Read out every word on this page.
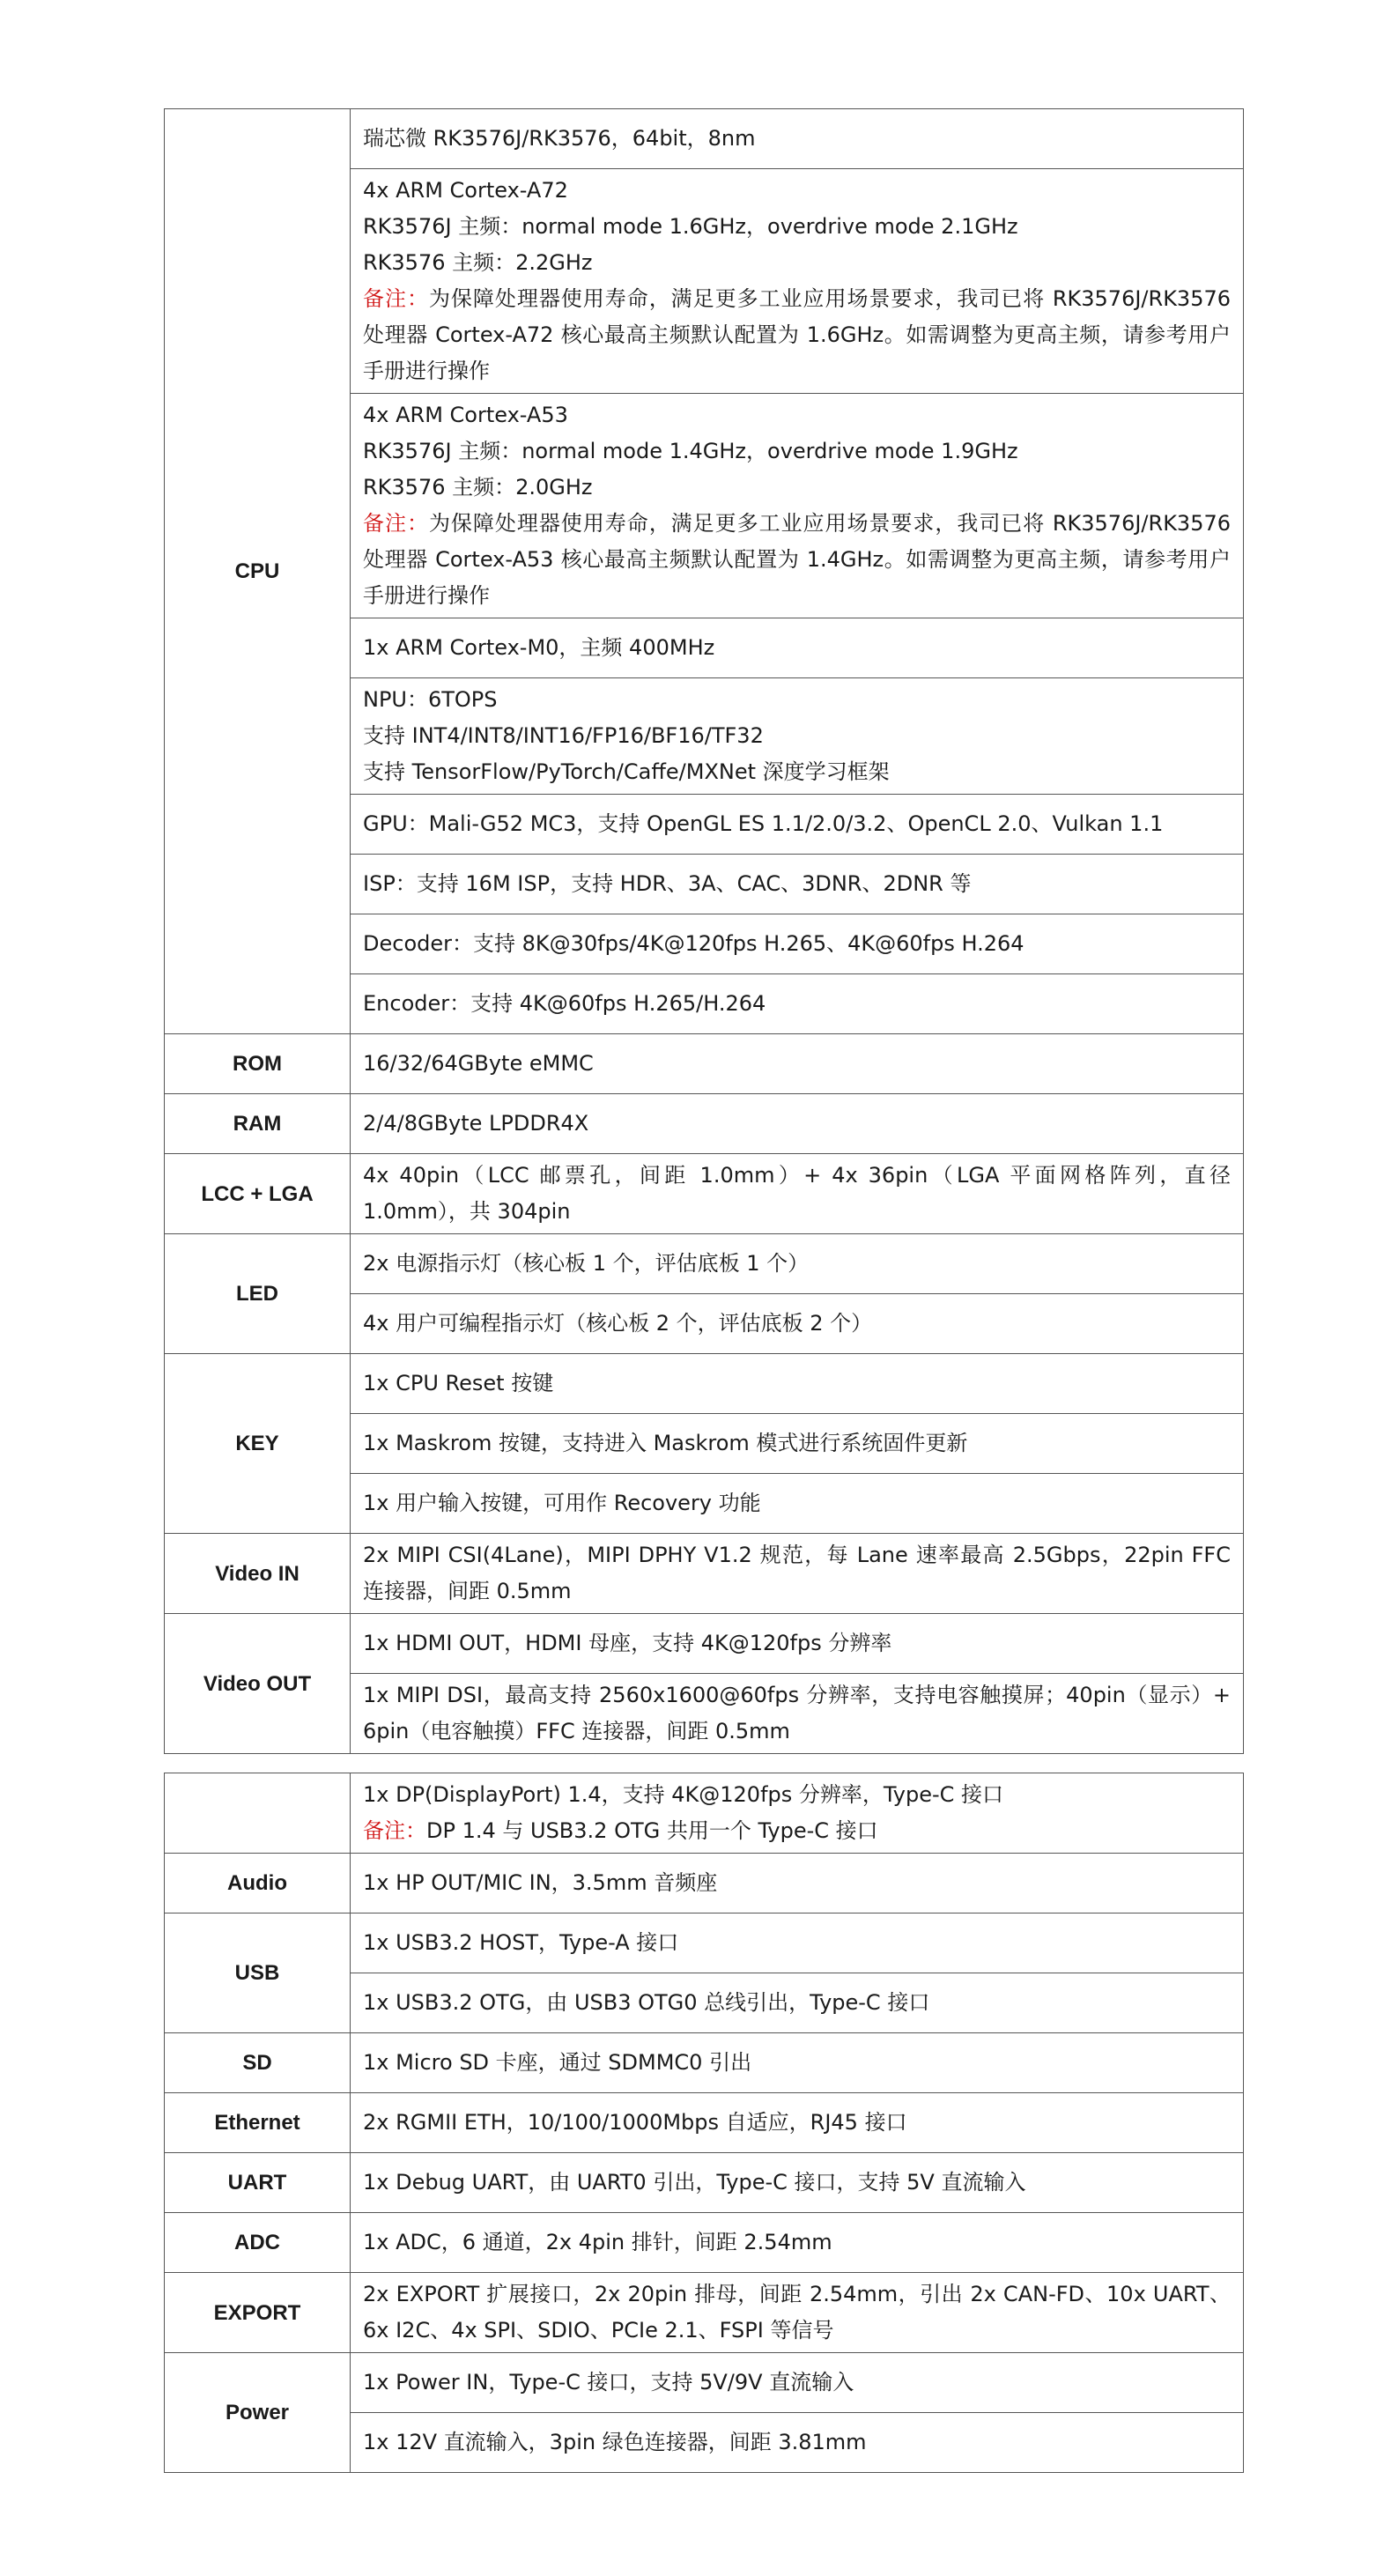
CPU	瑞芯微 RK3576J/RK3576，64bit，8nm

	4x ARM Cortex-A72
RK3576J 主频：normal mode 1.6GHz，overdrive mode 2.1GHz
RK3576 主频：2.2GHz
备注：为保障处理器使用寿命，满足更多工业应用场景要求，我司已将 RK3576J/RK3576 处理器 Cortex-A72 核心最高主频默认配置为 1.6GHz。如需调整为更高主频，请参考用户手册进行操作

	4x ARM Cortex-A53
RK3576J 主频：normal mode 1.4GHz，overdrive mode 1.9GHz
RK3576 主频：2.0GHz
备注：为保障处理器使用寿命，满足更多工业应用场景要求，我司已将 RK3576J/RK3576 处理器 Cortex-A53 核心最高主频默认配置为 1.4GHz。如需调整为更高主频，请参考用户手册进行操作

	1x ARM Cortex-M0，主频 400MHz

	NPU：6TOPS
支持 INT4/INT8/INT16/FP16/BF16/TF32
支持 TensorFlow/PyTorch/Caffe/MXNet 深度学习框架

	GPU：Mali-G52 MC3，支持 OpenGL ES 1.1/2.0/3.2、OpenCL 2.0、Vulkan 1.1

	ISP：支持 16M ISP，支持 HDR、3A、CAC、3DNR、2DNR 等

	Decoder：支持 8K@30fps/4K@120fps H.265、4K@60fps H.264

	Encoder：支持 4K@60fps H.265/H.264

ROM	16/32/64GByte eMMC

RAM	2/4/8GByte LPDDR4X

LCC + LGA	4x 40pin（LCC 邮票孔，间距 1.0mm）+ 4x 36pin（LGA 平面网格阵列，直径 1.0mm），共 304pin

LED	2x 电源指示灯（核心板 1 个，评估底板 1 个）

	4x 用户可编程指示灯（核心板 2 个，评估底板 2 个）

KEY	1x CPU Reset 按键

	1x Maskrom 按键，支持进入 Maskrom 模式进行系统固件更新

	1x 用户输入按键，可用作 Recovery 功能

Video IN	2x MIPI CSI(4Lane)，MIPI DPHY V1.2 规范，每 Lane 速率最高 2.5Gbps，22pin FFC 连接器，间距 0.5mm

Video OUT	1x HDMI OUT，HDMI 母座，支持 4K@120fps 分辨率

	1x MIPI DSI，最高支持 2560x1600@60fps 分辨率，支持电容触摸屏；40pin（显示）+ 6pin（电容触摸）FFC 连接器，间距 0.5mm

	1x DP(DisplayPort) 1.4，支持 4K@120fps 分辨率，Type-C 接口
备注：DP 1.4 与 USB3.2 OTG 共用一个 Type-C 接口

Audio	1x HP OUT/MIC IN，3.5mm 音频座

USB	1x USB3.2 HOST，Type-A 接口

	1x USB3.2 OTG，由 USB3 OTG0 总线引出，Type-C 接口

SD	1x Micro SD 卡座，通过 SDMMC0 引出

Ethernet	2x RGMII ETH，10/100/1000Mbps 自适应，RJ45 接口

UART	1x Debug UART，由 UART0 引出，Type-C 接口，支持 5V 直流输入

ADC	1x ADC，6 通道，2x 4pin 排针，间距 2.54mm

EXPORT	2x EXPORT 扩展接口，2x 20pin 排母，间距 2.54mm，引出 2x CAN-FD、10x UART、6x I2C、4x SPI、SDIO、PCIe 2.1、FSPI 等信号

Power	1x Power IN，Type-C 接口，支持 5V/9V 直流输入

	1x 12V 直流输入，3pin 绿色连接器，间距 3.81mm
